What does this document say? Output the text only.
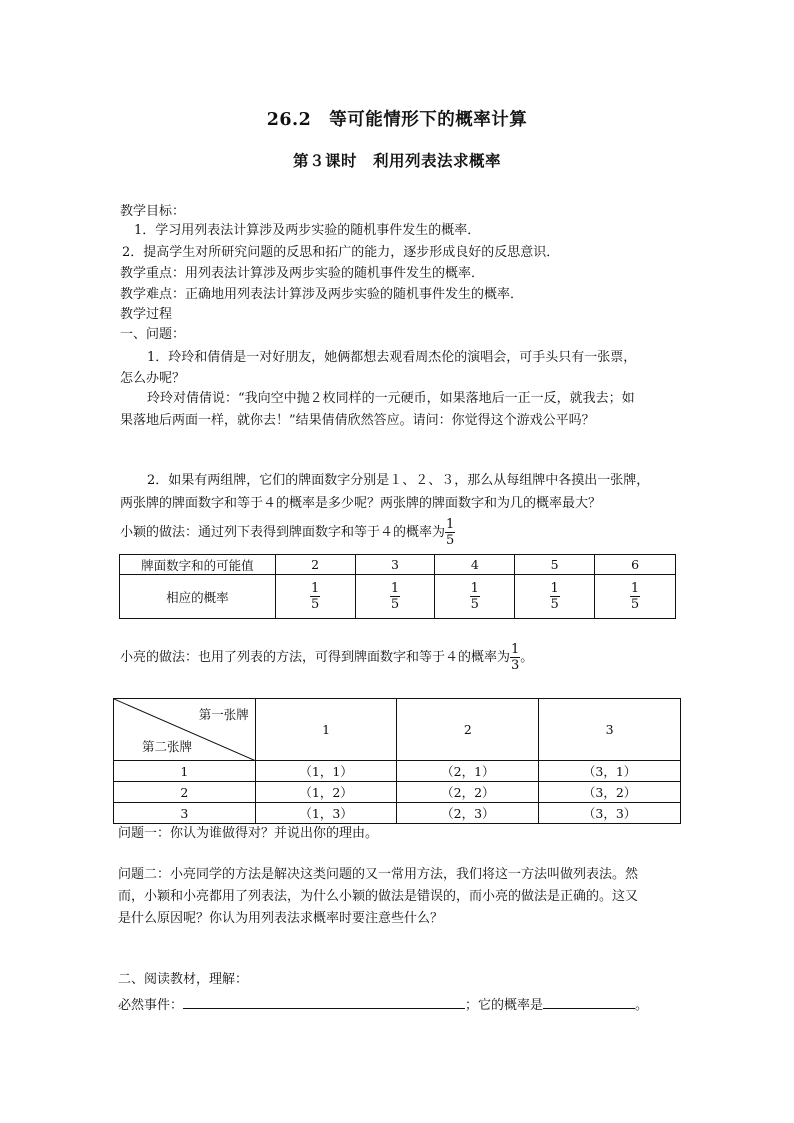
26.2　等可能情形下的概率计算
第３课时　利用列表法求概率
教学目标：
1．学习用列表法计算涉及两步实验的随机事件发生的概率．
2．提高学生对所研究问题的反思和拓广的能力，逐步形成良好的反思意识．
教学重点：用列表法计算涉及两步实验的随机事件发生的概率．
教学难点：正确地用列表法计算涉及两步实验的随机事件发生的概率．
教学过程
一、问题：
1．玲玲和倩倩是一对好朋友，她俩都想去观看周杰伦的演唱会，可手头只有一张票，
怎么办呢？
玲玲对倩倩说：“我向空中抛２枚同样的一元硬币，如果落地后一正一反，就我去；如
果落地后两面一样，就你去！”结果倩倩欣然答应。请问：你觉得这个游戏公平吗？
2．如果有两组牌，它们的牌面数字分别是１、２、３，那么从每组牌中各摸出一张牌，
两张牌的牌面数字和等于４的概率是多少呢？两张牌的牌面数字和为几的概率最大？
小颖的做法：通过列下表得到牌面数字和等于４的概率为 $\frac{1}{5}$
牌面数字和的可能值	2	3	4	5	6
相应的概率	$\frac{1}{5}$	$\frac{1}{5}$	$\frac{1}{5}$	$\frac{1}{5}$	$\frac{1}{5}$
小亮的做法：也用了列表的方法，可得到牌面数字和等于４的概率为 $\frac{1}{3}$ 。
第一张牌
第二张牌	1	2	3
1	（1，1）	（2，1）	（3，1）
2	（1，2）	（2，2）	（3，2）
3	（1，3）	（2，3）	（3，3）
问题一：你认为谁做得对？并说出你的理由。
问题二：小亮同学的方法是解决这类问题的又一常用方法，我们将这一方法叫做列表法。然
而，小颖和小亮都用了列表法，为什么小颖的做法是错误的，而小亮的做法是正确的。这又
是什么原因呢？你认为用列表法求概率时要注意些什么？
二、阅读教材，理解：
必然事件：	；它的概率是	。
